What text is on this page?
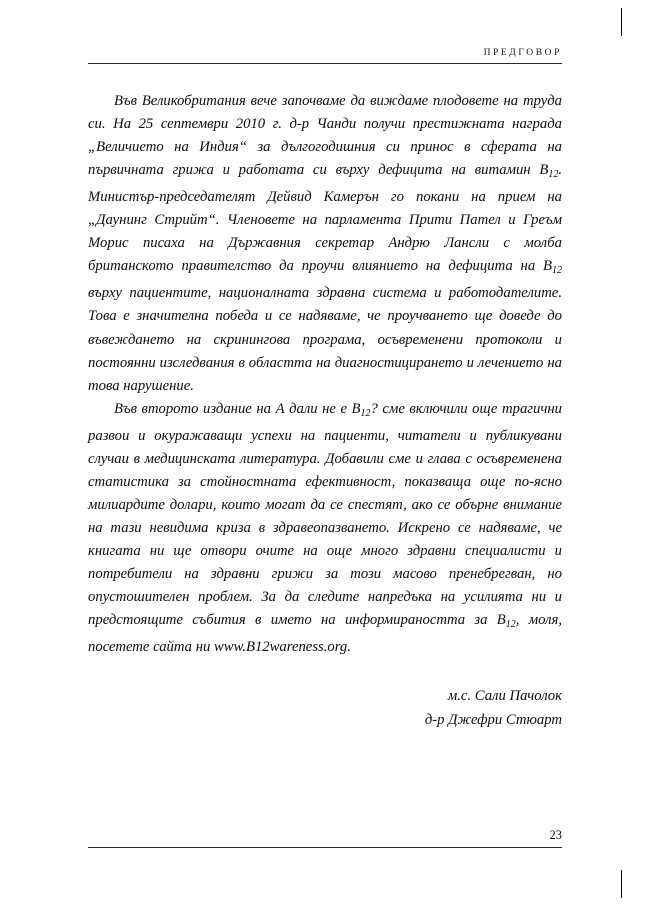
ПРЕДГОВОР

Във Великобритания вече започваме да виждаме плодовете на труда си. На 25 септември 2010 г. д-р Чанди получи престижната награда „Величието на Индия“ за дългогодишния си принос в сферата на първичната грижа и работата си върху дефицита на витамин $B_{12}$. Министър-председателят Дейвид Камерън го покани на прием на „Даунинг Стрийт“. Членовете на парламента Прити Пател и Греъм Морис писаха на Държавния секретар Андрю Лансли с молба британското правителство да проучи влиянието на дефицита на $B_{12}$ върху пациентите, националната здравна система и работодателите. Това е значителна победа и се надяваме, че проучването ще доведе до въвеждането на скринингова програма, осъвременени протоколи и постоянни изследвания в областта на диагностицирането и лечението на това нарушение.

Във второто издание на А дали не е $B_{12}$? сме включили още трагични развои и окуражаващи успехи на пациенти, читатели и публикувани случаи в медицинската литература. Добавили сме и глава с осъвременена статистика за стойностната ефективност, показваща още по-ясно милиардите долари, които могат да се спестят, ако се обърне внимание на тази невидима криза в здравеопазването. Искрено се надяваме, че книгата ни ще отвори очите на още много здравни специалисти и потребители на здравни грижи за този масово пренебрегван, но опустошителен проблем. За да следите напредъка на усилията ни и предстоящите събития в името на информираността за $B_{12}$, моля, посетете сайта ни www.B12wareness.org.

м.с. Сали Пачолок
д-р Джефри Стюарт
23
